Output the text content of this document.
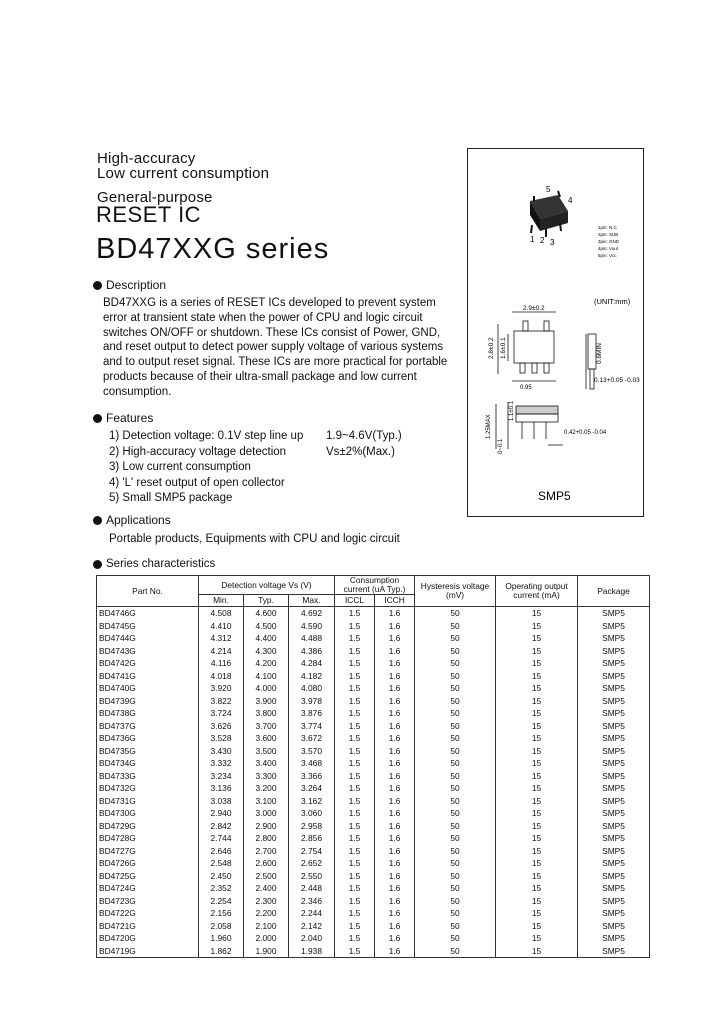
High-accuracy
Low current consumption
General-purpose
RESET IC
BD47XXG series
Description
BD47XXG is a series of RESET ICs developed to prevent system error at transient state when the power of CPU and logic circuit switches ON/OFF or shutdown. These ICs consist of Power, GND, and reset output to detect power supply voltage of various systems and to output reset signal. These ICs are more practical for portable products because of their ultra-small package and low current consumption.
Features
1) Detection voltage: 0.1V step line up	1.9~4.6V(Typ.)
2) High-accuracy voltage detection	Vs±2%(Max.)
3) Low current consumption
4) 'L' reset output of open collector
5) Small SMP5 package
Applications
Portable products, Equipments with CPU and logic circuit
Series characteristics
5
4
1 2 3
1pin: N.C.
2pin: SUB
3pin: GND
4pin: Vout
5pin: Vcc
(UNIT:mm)
2.9±0.2
2.8±0.2 1.6±0.1	0.6MIN
0.13+0.05 -0.03
0.95
1.25MAX
1.1±0.1
0~0.1
0.42+0.05 -0.04
SMP5
Part No.	Detection voltage Vs (V)			Consumption current (uA Typ.)		Hysteresis voltage (mV)	Operating output current (mA)	Package
	Min.	Typ.	Max.	ICCL	ICCH			
BD4746G	4.508	4.600	4.692	1.5	1.6	50	15	SMP5
BD4745G	4.410	4.500	4.590	1.5	1.6	50	15	SMP5
BD4744G	4.312	4.400	4.488	1.5	1.6	50	15	SMP5
BD4743G	4.214	4.300	4.386	1.5	1.6	50	15	SMP5
BD4742G	4.116	4.200	4.284	1.5	1.6	50	15	SMP5
BD4741G	4.018	4.100	4.182	1.5	1.6	50	15	SMP5
BD4740G	3.920	4.000	4.080	1.5	1.6	50	15	SMP5
BD4739G	3.822	3.900	3.978	1.5	1.6	50	15	SMP5
BD4738G	3.724	3.800	3.876	1.5	1.6	50	15	SMP5
BD4737G	3.626	3.700	3.774	1.5	1.6	50	15	SMP5
BD4736G	3.528	3.600	3.672	1.5	1.6	50	15	SMP5
BD4735G	3.430	3.500	3.570	1.5	1.6	50	15	SMP5
BD4734G	3.332	3.400	3.468	1.5	1.6	50	15	SMP5
BD4733G	3.234	3.300	3.366	1.5	1.6	50	15	SMP5
BD4732G	3.136	3.200	3.264	1.5	1.6	50	15	SMP5
BD4731G	3.038	3.100	3.162	1.5	1.6	50	15	SMP5
BD4730G	2.940	3.000	3.060	1.5	1.6	50	15	SMP5
BD4729G	2.842	2.900	2.958	1.5	1.6	50	15	SMP5
BD4728G	2.744	2.800	2.856	1.5	1.6	50	15	SMP5
BD4727G	2.646	2.700	2.754	1.5	1.6	50	15	SMP5
BD4726G	2.548	2.600	2.652	1.5	1.6	50	15	SMP5
BD4725G	2.450	2.500	2.550	1.5	1.6	50	15	SMP5
BD4724G	2.352	2.400	2.448	1.5	1.6	50	15	SMP5
BD4723G	2.254	2.300	2.346	1.5	1.6	50	15	SMP5
BD4722G	2.156	2.200	2.244	1.5	1.6	50	15	SMP5
BD4721G	2.058	2.100	2.142	1.5	1.6	50	15	SMP5
BD4720G	1.960	2.000	2.040	1.5	1.6	50	15	SMP5
BD4719G	1.862	1.900	1.938	1.5	1.6	50	15	SMP5
